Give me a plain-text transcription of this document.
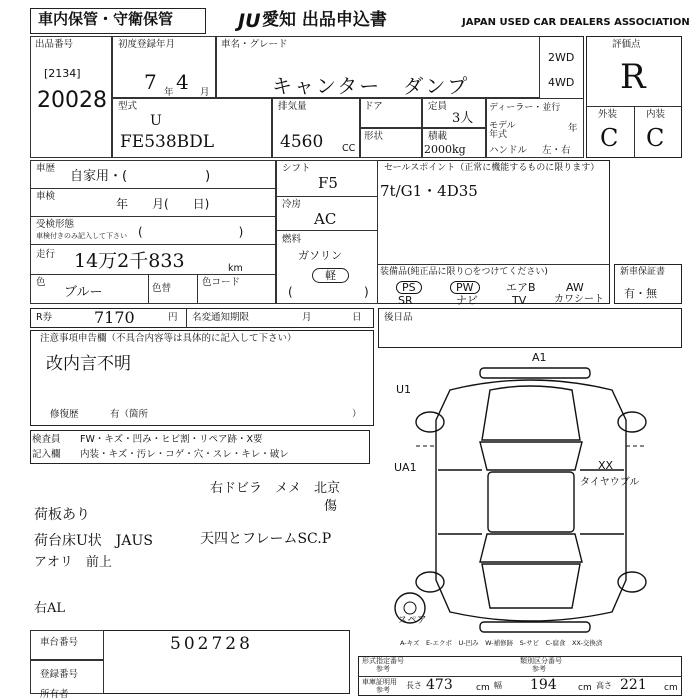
車内保管・守衛保管	JU 愛知 出品申込書	JAPAN USED CAR DEALERS ASSOCIATION
出品番号
[2134]
20028
初度登録年月
7 年 4 月
車名・グレード
キャンター　ダンプ
2WD
4WD
評価点
R
外装	内装
C C
型式
U
FE538BDL
排気量
4560 CC
ドア	定員
3人
形状	積載
2000kg
ディーラー・並行
モデル年式
年
ハンドル 左・右
車歴
自家用・(　　　　　　)
車検
年　　月(　　日)
受検形態
車検付きのみ記入して下さい (　　　　　　　　)
走行 14万2千833	km
色
ブルー	色替
色コード
シフト
F5
冷房
AC
燃料
ガソリン
軽
(	)
セールスポイント（正常に機能するものに限ります）
7t/G1・4D35
装備品(純正品に限り○をつけてください)
PS	PW	エアB	AW
SR	ナビ	TV	カワシート
新車保証書
有・無
R券	7170	円 名変通知期限	月	日 後日品
注意事項申告欄（不具合内容等は具体的に記入して下さい）
改内言不明
修復歴	有（箇所	）
検査員
記入欄
FW・キズ・凹み・ヒビ割・リペア跡・X要
内装・キズ・汚レ・コゲ・穴・スレ・キレ・破レ
右ドビラ　メメ　北京
傷
荷板あり
荷台床U状　JAUS
アオリ　前上
天四とフレームSC.P
右AL
A1
U1
UA1	XX
タイヤウブル
スペア
A-キズ　E-エクボ　U-凹み　W-補修跡　S-サビ　C-腐食　XX-交換済
車台番号	502728
登録番号
所有者
形式指定番号
参考
類別区分番号
参考
車庫証明用
参考 長さ 473	cm 幅 194 cm 高さ 221 cm
